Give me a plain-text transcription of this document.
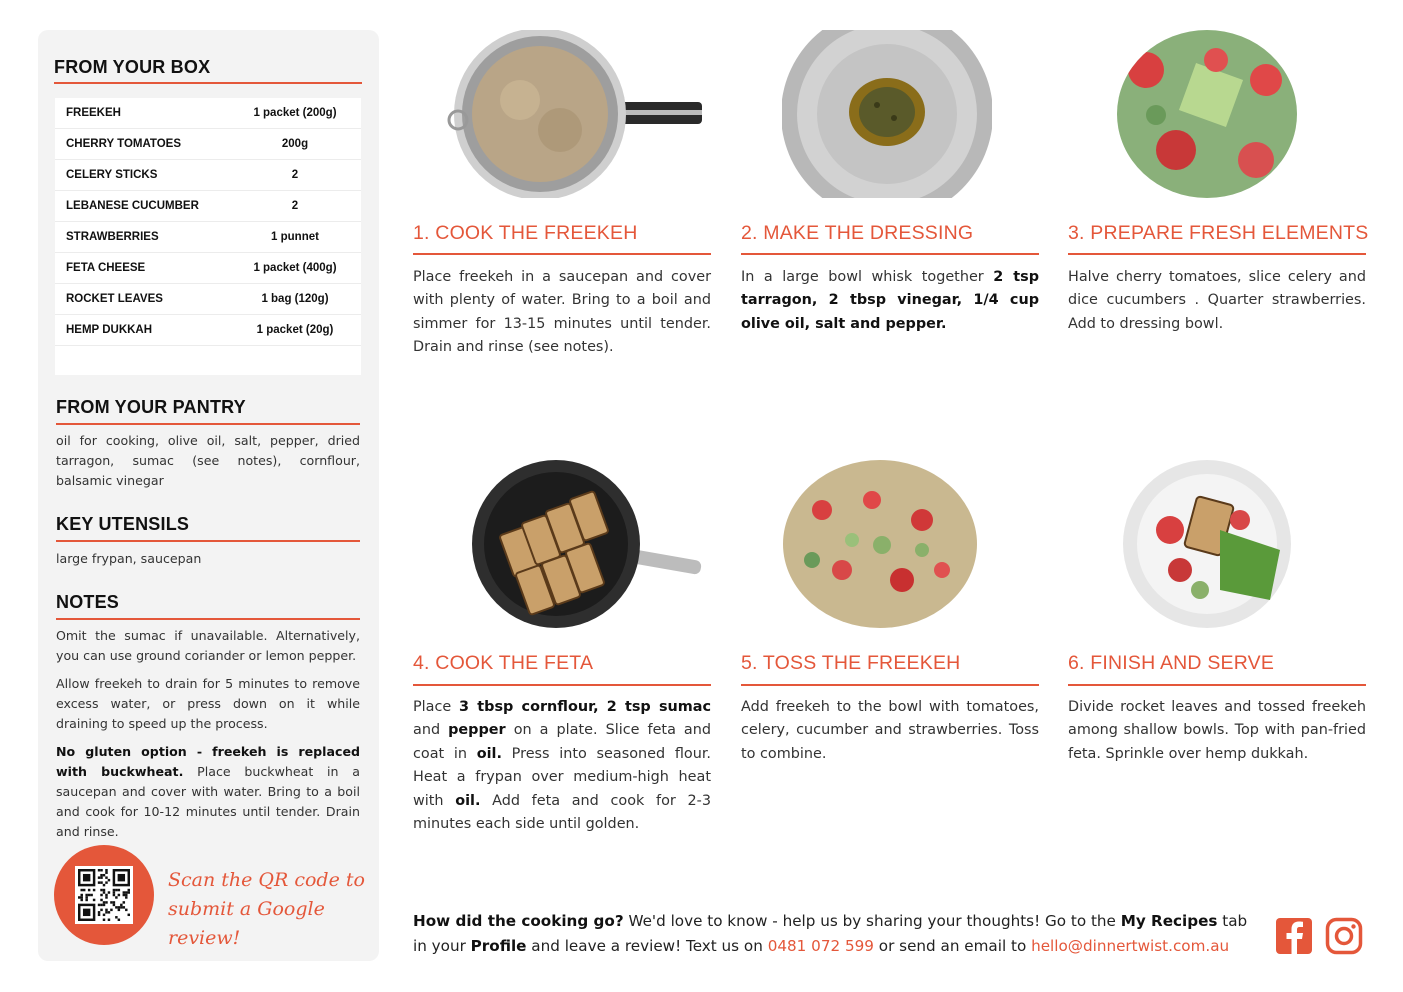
FROM YOUR BOX
FREEKEH	1 packet (200g)
CHERRY TOMATOES	200g
CELERY STICKS	2
LEBANESE CUCUMBER	2
STRAWBERRIES	1 punnet
FETA CHEESE	1 packet (400g)
ROCKET LEAVES	1 bag (120g)
HEMP DUKKAH	1 packet (20g)
FROM YOUR PANTRY
oil for cooking, olive oil, salt, pepper, dried tarragon, sumac (see notes), cornflour, balsamic vinegar
KEY UTENSILS
large frypan, saucepan
NOTES

Omit the sumac if unavailable. Alternatively, you can use ground coriander or lemon pepper.

Allow freekeh to drain for 5 minutes to remove excess water, or press down on it while draining to speed up the process.

No gluten option - freekeh is replaced with buckwheat. Place buckwheat in a saucepan and cover with water. Bring to a boil and cook for 10-12 minutes until tender. Drain and rinse.

Scan the QR code to
submit a Google review!
1. COOK THE FREEKEH
Place freekeh in a saucepan and cover with plenty of water. Bring to a boil and simmer for 13-15 minutes until tender. Drain and rinse (see notes).
2. MAKE THE DRESSING
In a large bowl whisk together 2 tsp tarragon, 2 tbsp vinegar, 1/4 cup olive oil, salt and pepper.
3. PREPARE FRESH ELEMENTS
Halve cherry tomatoes, slice celery and dice cucumbers . Quarter strawberries. Add to dressing bowl.
4. COOK THE FETA
Place 3 tbsp cornflour, 2 tsp sumac and pepper on a plate. Slice feta and coat in oil. Press into seasoned flour. Heat a frypan over medium-high heat with oil. Add feta and cook for 2-3 minutes each side until golden.
5. TOSS THE FREEKEH
Add freekeh to the bowl with tomatoes, celery, cucumber and strawberries. Toss to combine.
6. FINISH AND SERVE
Divide rocket leaves and tossed freekeh among shallow bowls. Top with pan-fried feta. Sprinkle over hemp dukkah.
How did the cooking go? We'd love to know - help us by sharing your thoughts! Go to the My Recipes tab in your Profile and leave a review! Text us on 0481 072 599 or send an email to hello@dinnertwist.com.au
